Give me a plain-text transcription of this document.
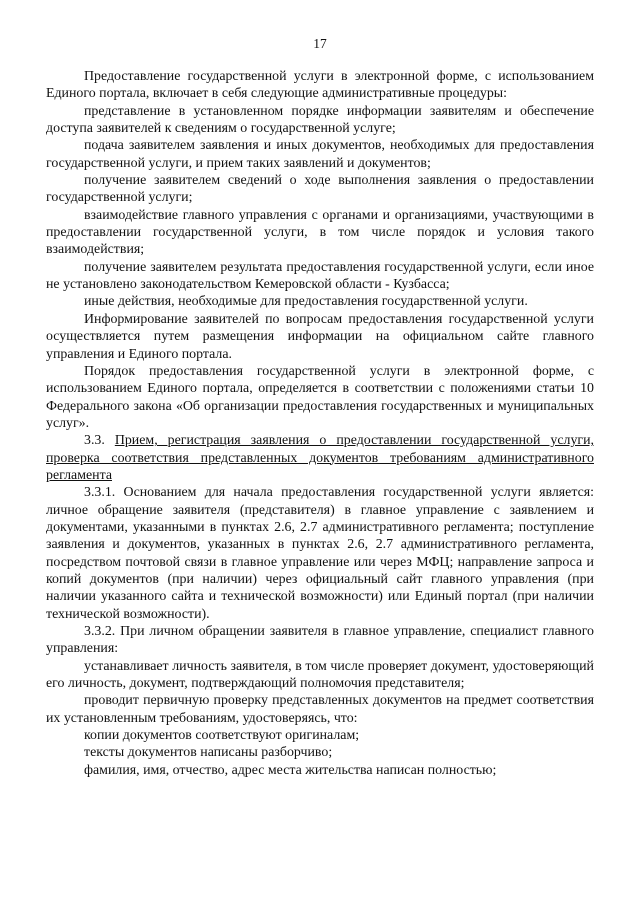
17

Предоставление государственной услуги в электронной форме, с использованием Единого портала, включает в себя следующие административные процедуры:

представление в установленном порядке информации заявителям и обеспечение доступа заявителей к сведениям о государственной услуге;

подача заявителем заявления и иных документов, необходимых для предоставления государственной услуги, и прием таких заявлений и документов;

получение заявителем сведений о ходе выполнения заявления о предоставлении государственной услуги;

взаимодействие главного управления с органами и организациями, участвующими в предоставлении государственной услуги, в том числе порядок и условия такого взаимодействия;

получение заявителем результата предоставления государственной услуги, если иное не установлено законодательством Кемеровской области - Кузбасса;

иные действия, необходимые для предоставления государственной услуги.

Информирование заявителей по вопросам предоставления государственной услуги осуществляется путем размещения информации на официальном сайте главного управления и Единого портала.

Порядок предоставления государственной услуги в электронной форме, с использованием Единого портала, определяется в соответствии с положениями статьи 10 Федерального закона «Об организации предоставления государственных и муниципальных услуг».

3.3. Прием, регистрация заявления о предоставлении государственной услуги, проверка соответствия представленных документов требованиям административного регламента

3.3.1. Основанием для начала предоставления государственной услуги является: личное обращение заявителя (представителя) в главное управление с заявлением и документами, указанными в пунктах 2.6, 2.7 административного регламента; поступление заявления и документов, указанных в пунктах 2.6, 2.7 административного регламента, посредством почтовой связи в главное управление или через МФЦ; направление запроса и копий документов (при наличии) через официальный сайт главного управления (при наличии указанного сайта и технической возможности) или Единый портал (при наличии технической возможности).

3.3.2. При личном обращении заявителя в главное управление, специалист главного управления:

устанавливает личность заявителя, в том числе проверяет документ, удостоверяющий его личность, документ, подтверждающий полномочия представителя;

проводит первичную проверку представленных документов на предмет соответствия их установленным требованиям, удостоверяясь, что:

копии документов соответствуют оригиналам;

тексты документов написаны разборчиво;

фамилия, имя, отчество, адрес места жительства написан полностью;
